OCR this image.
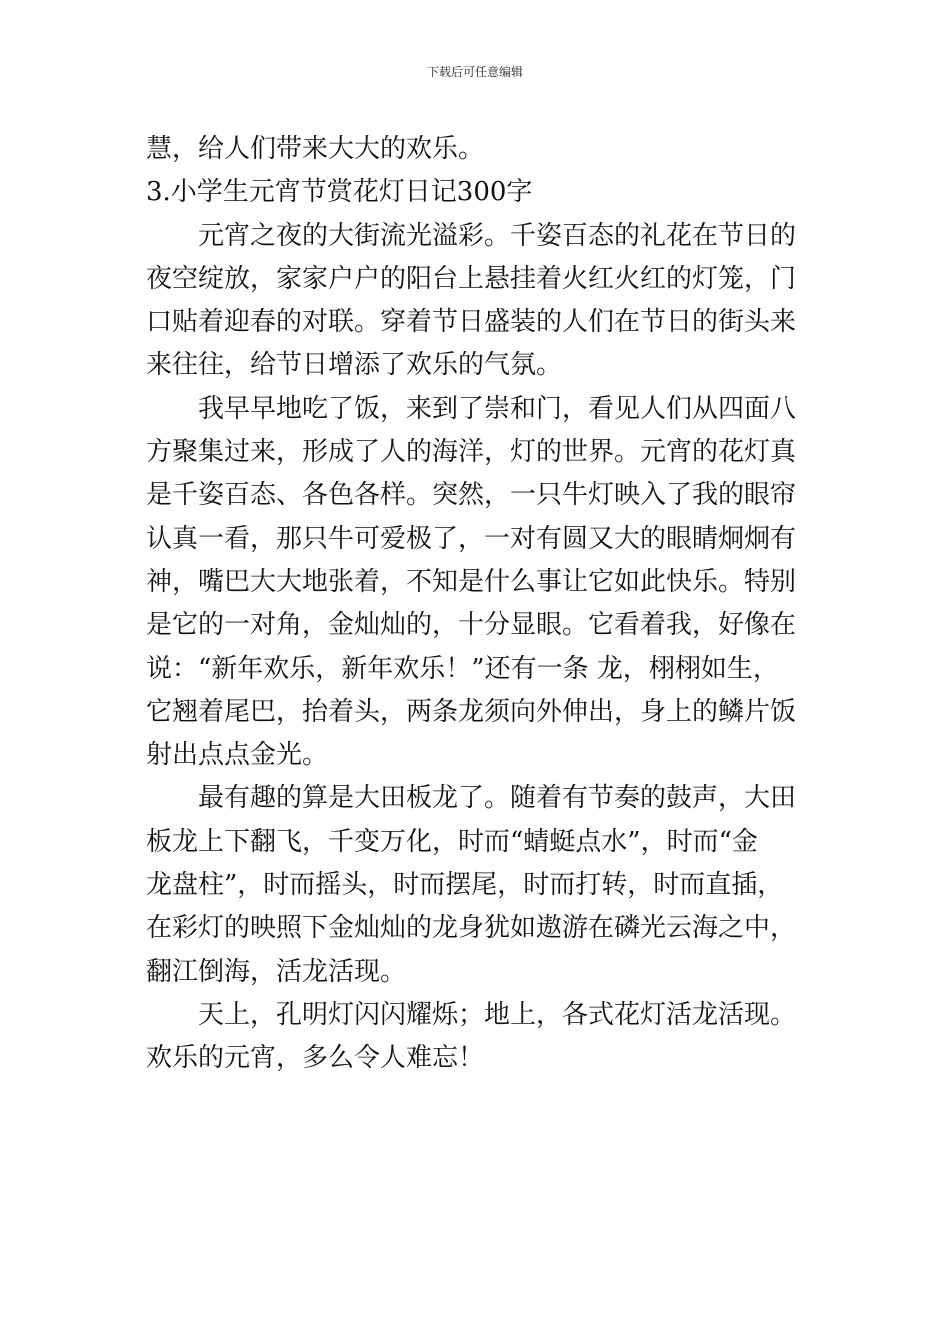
下载后可任意编辑
慧，给人们带来大大的欢乐。
3.小学生元宵节赏花灯日记300字
元宵之夜的大街流光溢彩。千姿百态的礼花在节日的
夜空绽放，家家户户的阳台上悬挂着火红火红的灯笼，门
口贴着迎春的对联。穿着节日盛装的人们在节日的街头来
来往往，给节日增添了欢乐的气氛。
我早早地吃了饭，来到了崇和门，看见人们从四面八
方聚集过来，形成了人的海洋，灯的世界。元宵的花灯真
是千姿百态、各色各样。突然，一只牛灯映入了我的眼帘
认真一看，那只牛可爱极了，一对有圆又大的眼睛炯炯有
神，嘴巴大大地张着，不知是什么事让它如此快乐。特别
是它的一对角，金灿灿的，十分显眼。它看着我，好像在
说：“新年欢乐，新年欢乐！”还有一条 龙，栩栩如生，
它翘着尾巴，抬着头，两条龙须向外伸出，身上的鳞片饭
射出点点金光。
最有趣的算是大田板龙了。随着有节奏的鼓声，大田
板龙上下翻飞，千变万化，时而“蜻蜓点水”，时而“金
龙盘柱”，时而摇头，时而摆尾，时而打转，时而直插，
在彩灯的映照下金灿灿的龙身犹如遨游在磷光云海之中，
翻江倒海，活龙活现。
天上，孔明灯闪闪耀烁；地上，各式花灯活龙活现。
欢乐的元宵，多么令人难忘！
